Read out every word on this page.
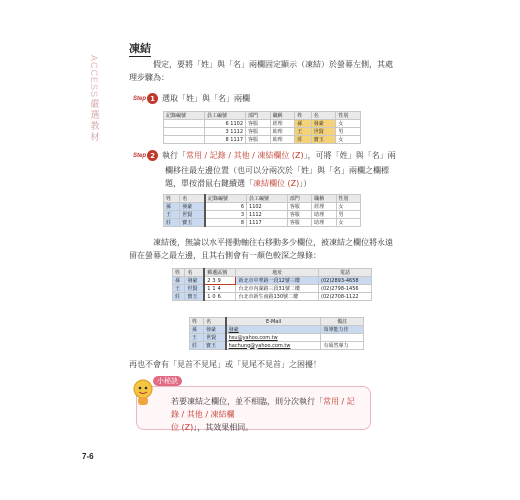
ACCESS
嚴選教材
凍結
假定，要將「姓」與「名」兩欄固定顯示（凍結）於螢幕左側，其處
理步驟為：
Step 1 選取「姓」與「名」兩欄
記錄編號	員工編號	部門	職稱	姓	名	性別
	6 1102	客服	經理	孫	發豪	女
	3 1112	客服	助理	王	世賢	男
	8 1117	客服	助理	莊	寶玉	女
Step 2 執行「常用 / 記錄 / 其他 / 凍結欄位 (Z)」，可將「姓」與「名」兩
欄移往最左邊位置（也可以分兩次於「姓」與「名」兩欄之欄標
題，單按滑鼠右鍵續選「凍結欄位 (Z)」）
姓	名	記錄編號	員工編號	部門	職稱	性別
孫	發豪	6	1102	客服	經理	女
王	世賢	3	1112	客服	助理	男
莊	寶玉	8	1117	客服	助理	女
凍結後，無論以水平捲動軸往右移動多少欄位，被凍結之欄位將永遠
留在螢幕之最左邊，且其右側會有一顏色較深之線條：
姓	名	郵遞區號	地址	電話
孫	發豪	239	新北市中華路一段12號三樓	(02)2893-4658
王	世賢	114	台北市內湖路三段31號二樓	(02)2798-1456
莊	寶玉	106	台北市新生南路130號二樓	(02)2708-1122
姓	名	E-Mail	備註
孫	發豪	發豪	領導能力佳
王	世賢	hsu@yahoo.com.tw	
莊	寶玉	hachung@yahoo.com.tw	有碩然專力
再也不會有「見首不見尾」或「見尾不見首」之困擾！
若要凍結之欄位，並不相臨，則分次執行「常用 / 記錄 / 其他 / 凍結欄
位 (Z)」，其效果相同。
小秘訣
7-6
